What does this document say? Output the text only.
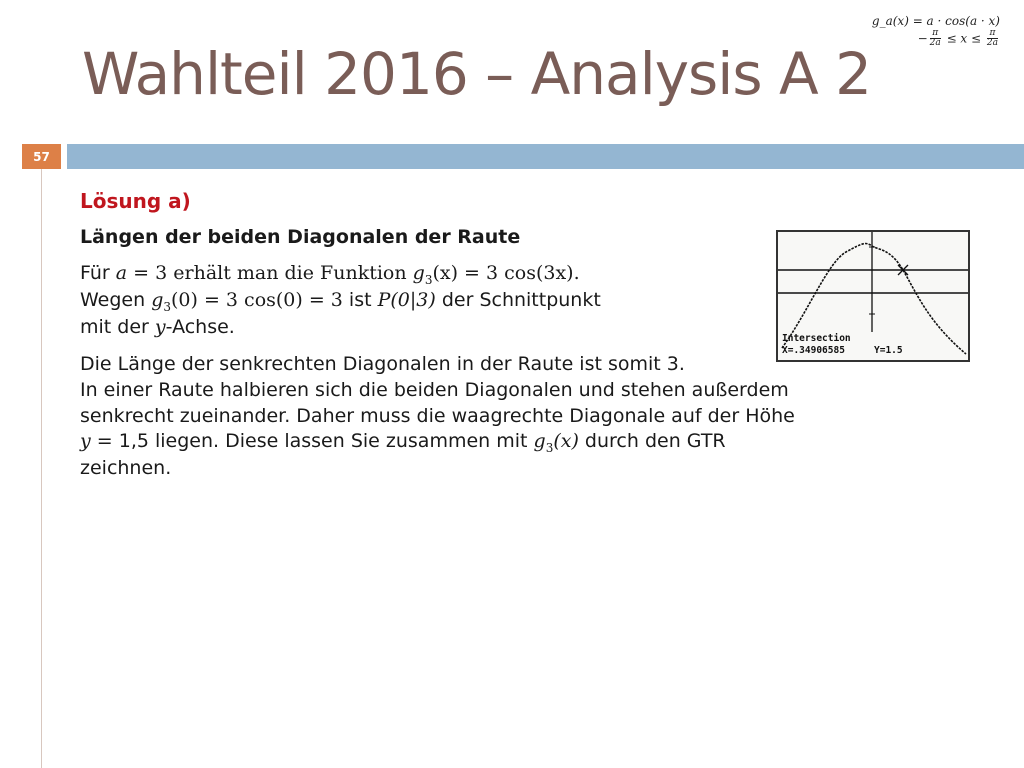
Wahlteil 2016 – Analysis A 2
g_a(x) = a · cos(a · x)
− $\frac{\pi}{2a} \le x \le \frac{\pi}{2a}$
57
Lösung a)
Längen der beiden Diagonalen der Raute
Für a = 3 erhält man die Funktion $g_3(x) = 3$ cos(3x).
Wegen $g_3(0) = 3$ cos(0) = 3 ist P(0|3) der Schnittpunkt
mit der y-Achse.
Die Länge der senkrechten Diagonalen in der Raute ist somit 3.
In einer Raute halbieren sich die beiden Diagonalen und stehen außerdem
senkrecht zueinander. Daher muss die waagrechte Diagonale auf der Höhe
y = 1,5 liegen. Diese lassen Sie zusammen mit $g_3(x)$ durch den GTR
zeichnen.
Intersection
X=.34906585	Y=1.5
